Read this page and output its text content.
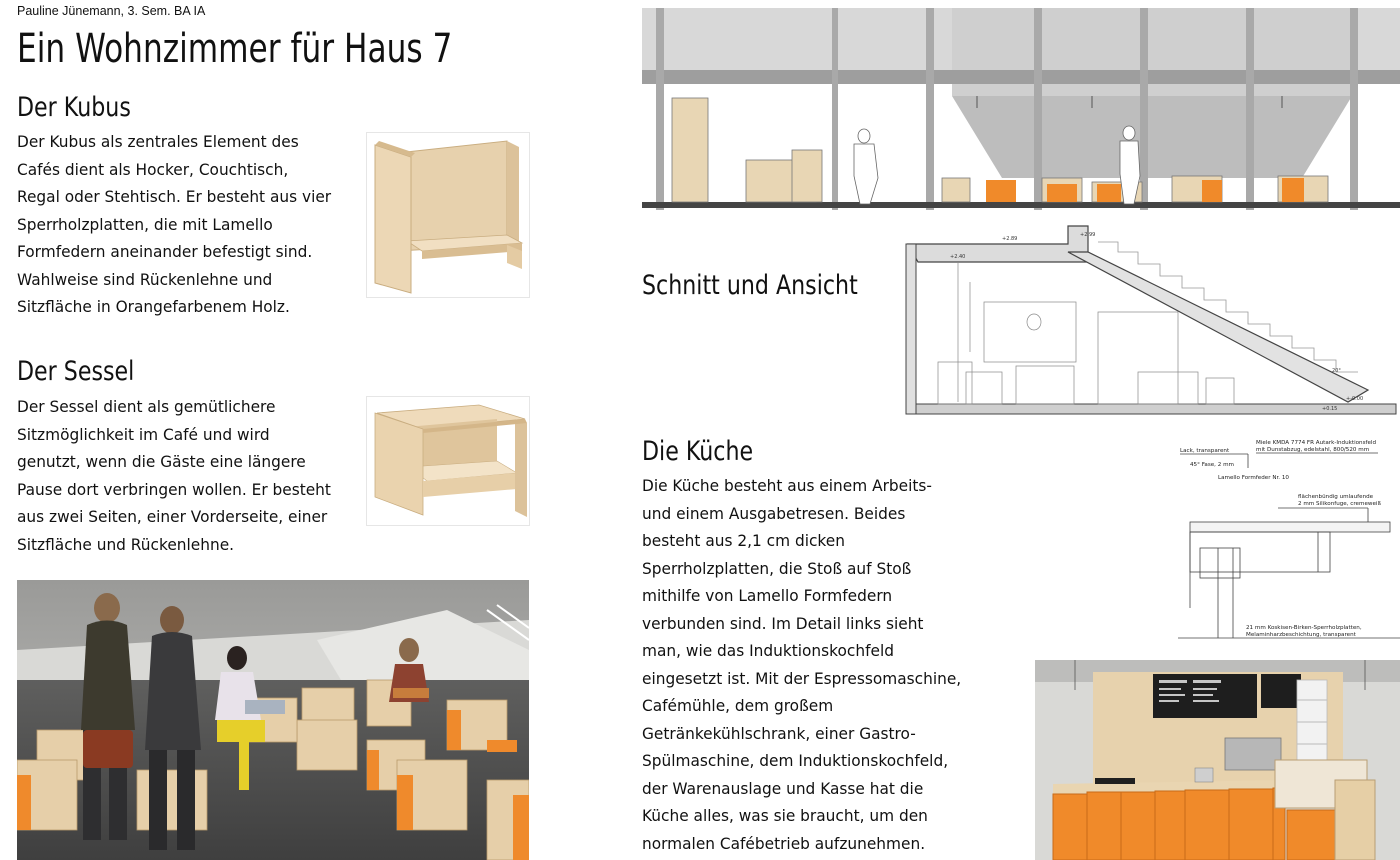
Pauline Jünemann, 3. Sem. BA IA
Ein Wohnzimmer für Haus 7
Der Kubus
Der Kubus als zentrales Element des
Cafés dient als Hocker, Couchtisch,
Regal oder Stehtisch. Er besteht aus vier
Sperrholzplatten, die mit Lamello
Formfedern aneinander befestigt sind.
Wahlweise sind Rückenlehne und
Sitzfläche in Orangefarbenem Holz.
Der Sessel
Der Sessel dient als gemütlichere
Sitzmöglichkeit im Café und wird
genutzt, wenn die Gäste eine längere
Pause dort verbringen wollen. Er besteht
aus zwei Seiten, einer Vorderseite, einer
Sitzfläche und Rückenlehne.
Schnitt und Ansicht
+2.99
+2.89
+2.40
20°
+0.15
+-0.00
Die Küche
Die Küche besteht aus einem Arbeits-
und einem Ausgabetresen. Beides
besteht aus 2,1 cm dicken
Sperrholzplatten, die Stoß auf Stoß
mithilfe von Lamello Formfedern
verbunden sind. Im Detail links sieht
man, wie das Induktionskochfeld
eingesetzt ist. Mit der Espressomaschine,
Cafémühle, dem großem
Getränkekühlschrank, einer Gastro-
Spülmaschine, dem Induktionskochfeld,
der Warenauslage und Kasse hat die
Küche alles, was sie braucht, um den
normalen Cafébetrieb aufzunehmen.
Lack, transparent
45° Fase, 2 mm
Lamello Formfeder Nr. 10
Miele KMDA 7774 FR Autark-Induktionsfeld
mit Dunstabzug, edelstahl, 800/520 mm
flächenbündig umlaufende
2 mm Silikonfuge, cremeweiß
21 mm Koskisen-Birken-Sperrholzplatten,
Melaminharzbeschichtung, transparent
